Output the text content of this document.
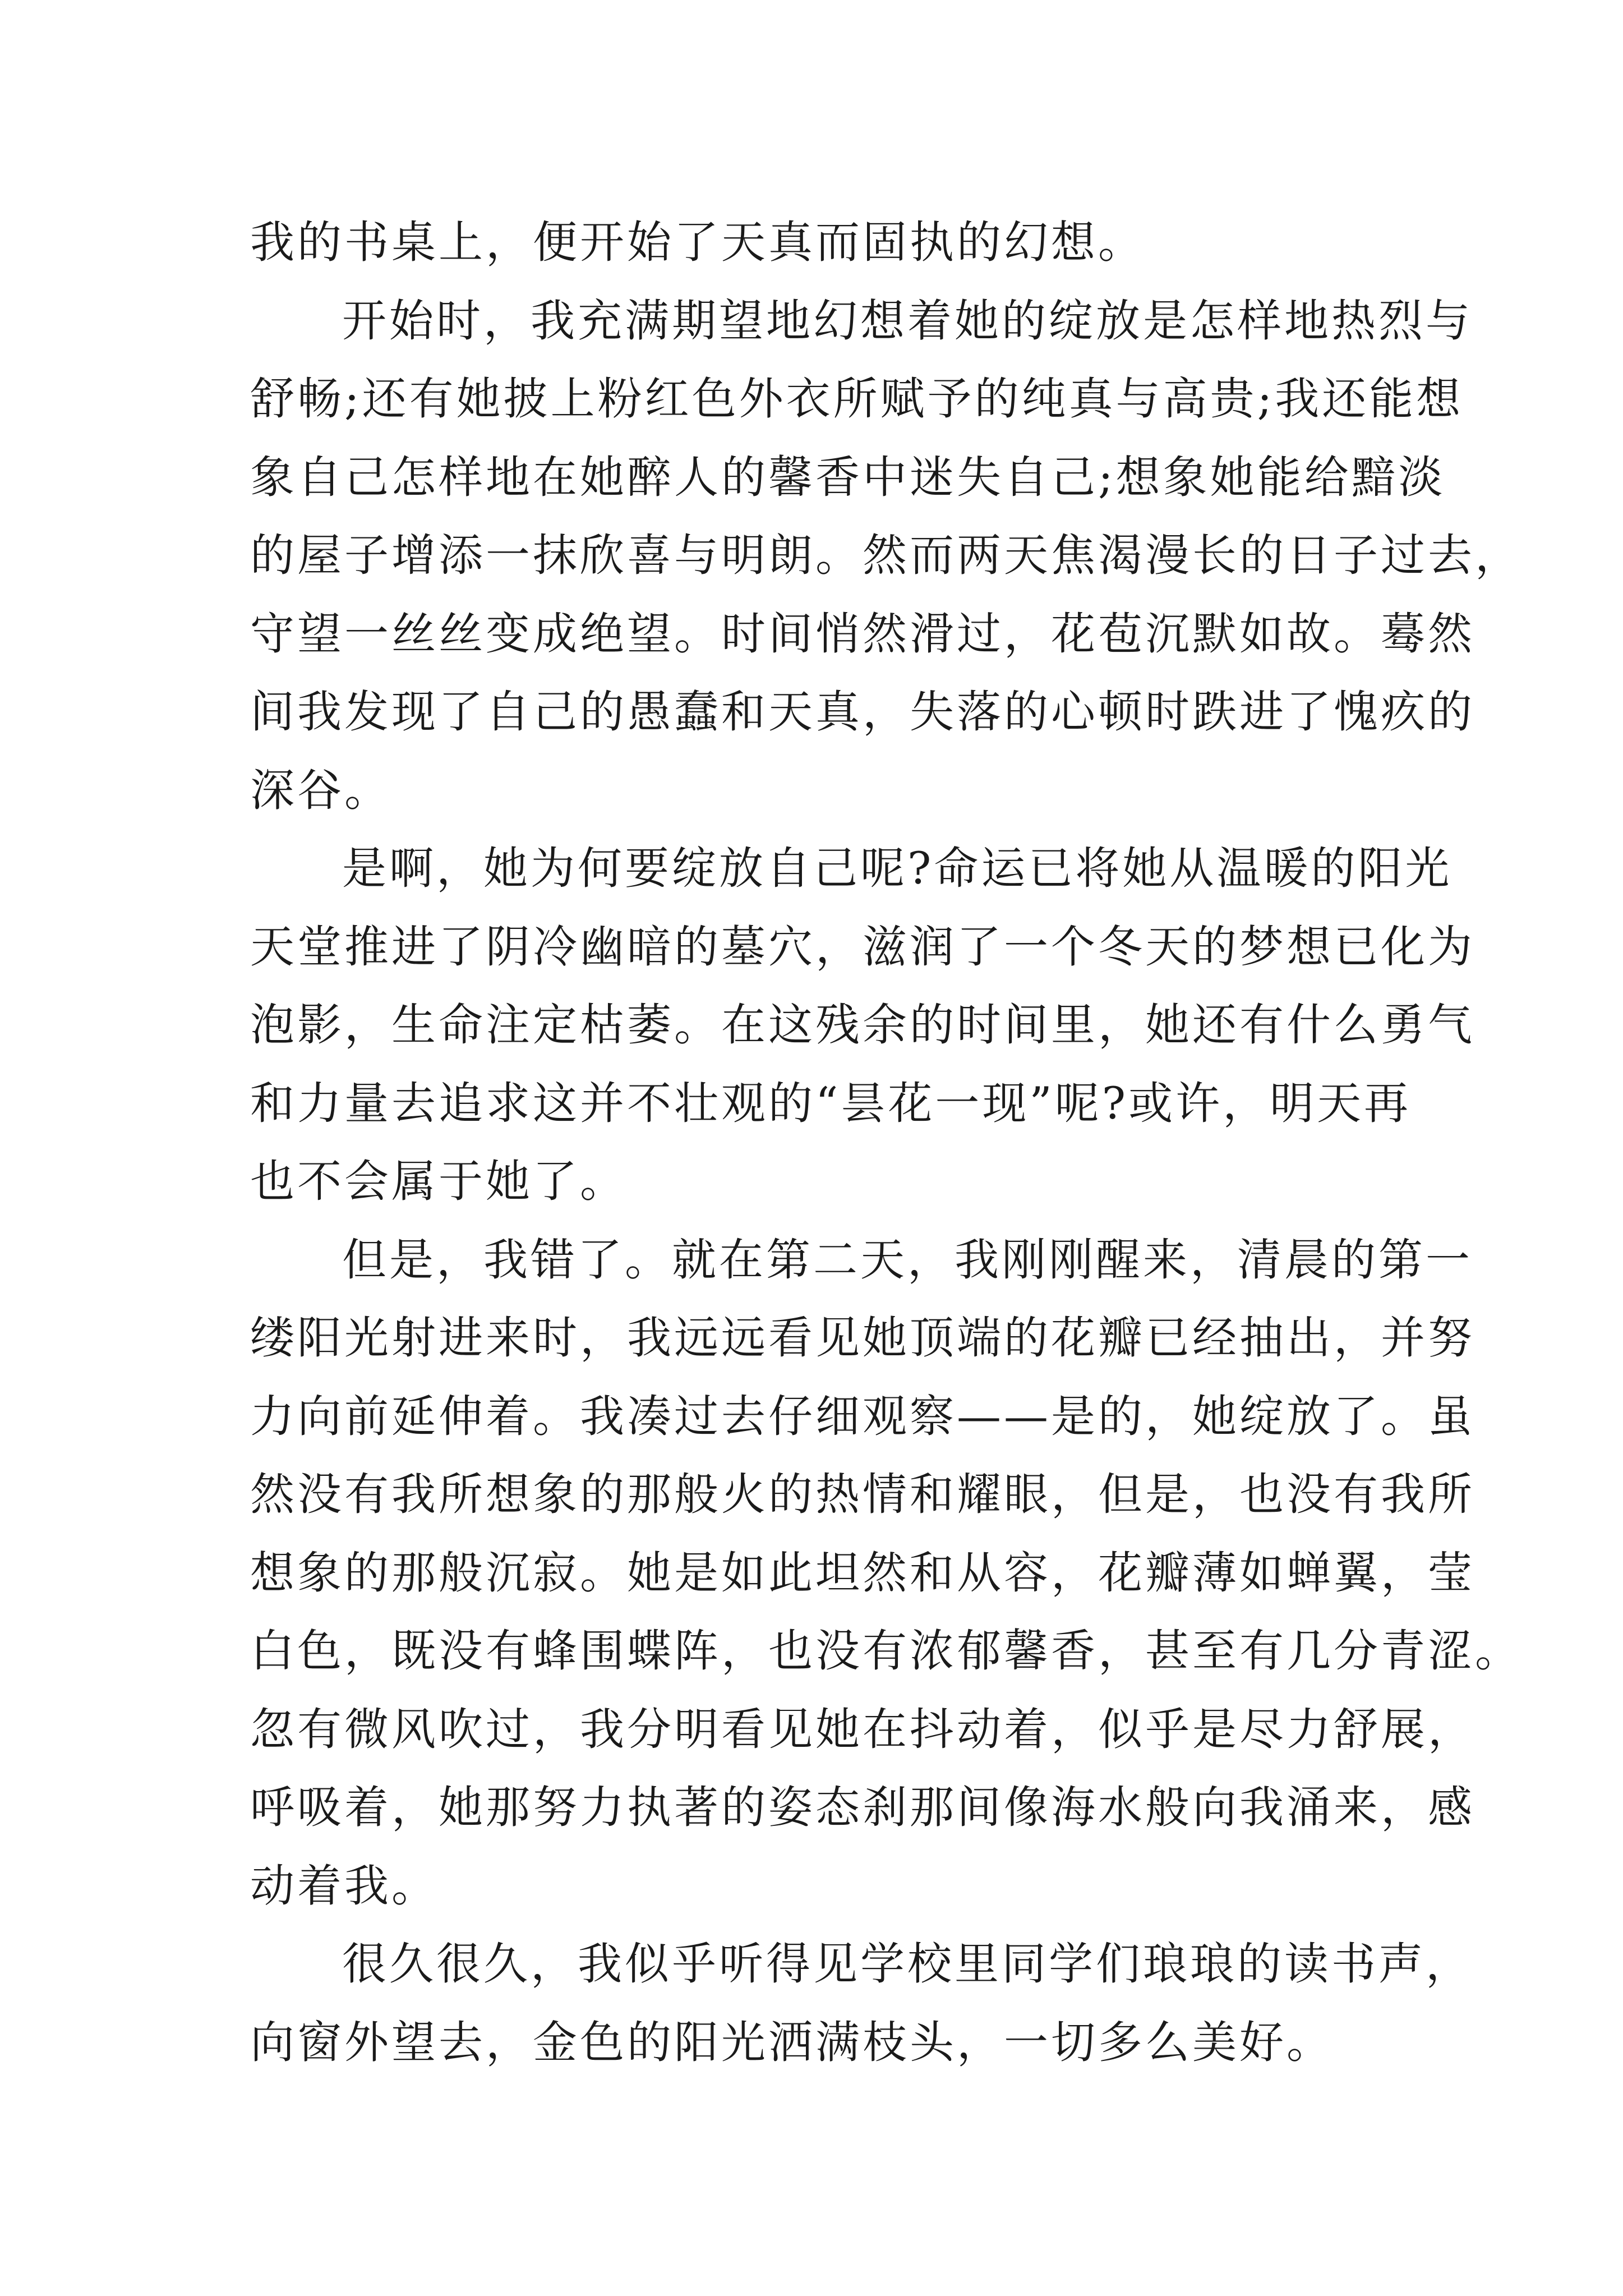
我的书桌上，便开始了天真而固执的幻想。
开始时，我充满期望地幻想着她的绽放是怎样地热烈与
舒畅;还有她披上粉红色外衣所赋予的纯真与高贵;我还能想
象自己怎样地在她醉人的馨香中迷失自己;想象她能给黯淡
的屋子增添一抹欣喜与明朗。然而两天焦渴漫长的日子过去，
守望一丝丝变成绝望。时间悄然滑过，花苞沉默如故。蓦然
间我发现了自己的愚蠢和天真，失落的心顿时跌进了愧疚的
深谷。
是啊，她为何要绽放自己呢?命运已将她从温暖的阳光
天堂推进了阴冷幽暗的墓穴，滋润了一个冬天的梦想已化为
泡影，生命注定枯萎。在这残余的时间里，她还有什么勇气
和力量去追求这并不壮观的“昙花一现”呢?或许，明天再
也不会属于她了。
但是，我错了。就在第二天，我刚刚醒来，清晨的第一
缕阳光射进来时，我远远看见她顶端的花瓣已经抽出，并努
力向前延伸着。我凑过去仔细观察——是的，她绽放了。虽
然没有我所想象的那般火的热情和耀眼，但是，也没有我所
想象的那般沉寂。她是如此坦然和从容，花瓣薄如蝉翼，莹
白色，既没有蜂围蝶阵，也没有浓郁馨香，甚至有几分青涩。
忽有微风吹过，我分明看见她在抖动着，似乎是尽力舒展，
呼吸着，她那努力执著的姿态刹那间像海水般向我涌来，感
动着我。
很久很久，我似乎听得见学校里同学们琅琅的读书声，
向窗外望去，金色的阳光洒满枝头，一切多么美好。
